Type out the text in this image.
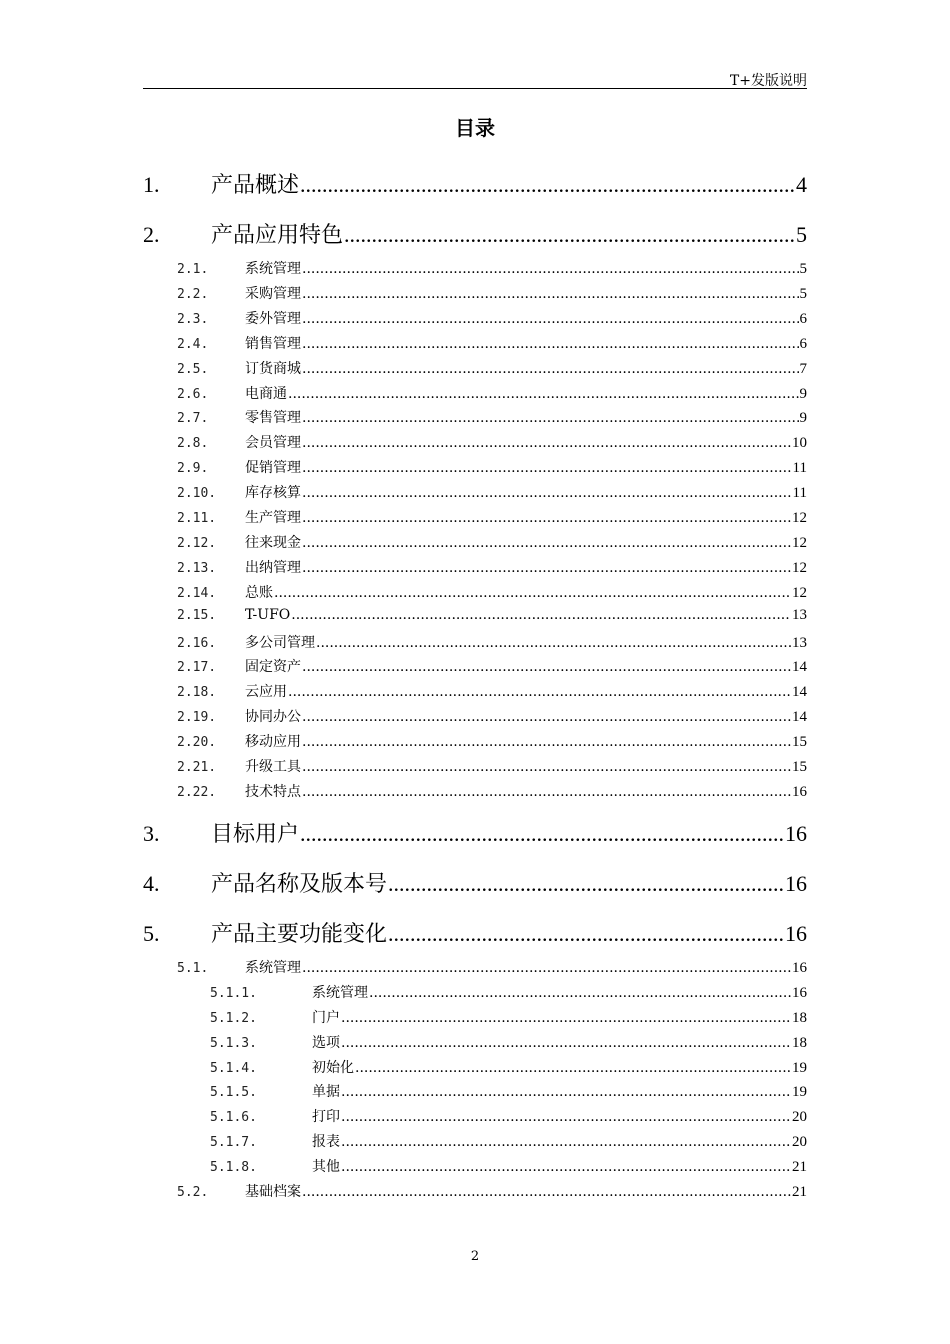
T+发版说明
目录
1.	产品概述 .....	4
2.	产品应用特色 .....	5
2.1.	系统管理 .....	5
2.2.	采购管理 .....	5
2.3.	委外管理 .....	6
2.4.	销售管理 .....	6
2.5.	订货商城 .....	7
2.6.	电商通 .....	9
2.7.	零售管理 .....	9
2.8.	会员管理 .....	10
2.9.	促销管理 .....	11
2.10.	库存核算 .....	11
2.11.	生产管理 .....	12
2.12.	往来现金 .....	12
2.13.	出纳管理 .....	12
2.14.	总账 .....	12
2.15.	T-UFO .....	13
2.16.	多公司管理 .....	13
2.17.	固定资产 .....	14
2.18.	云应用 .....	14
2.19.	协同办公 .....	14
2.20.	移动应用 .....	15
2.21.	升级工具 .....	15
2.22.	技术特点 .....	16
3.	目标用户 .....	16
4.	产品名称及版本号 .....	16
5.	产品主要功能变化 .....	16
5.1.	系统管理 .....	16
5.1.1.	系统管理 .....	16
5.1.2.	门户 .....	18
5.1.3.	选项 .....	18
5.1.4.	初始化 .....	19
5.1.5.	单据 .....	19
5.1.6.	打印 .....	20
5.1.7.	报表 .....	20
5.1.8.	其他 .....	21
5.2.	基础档案 .....	21
2
